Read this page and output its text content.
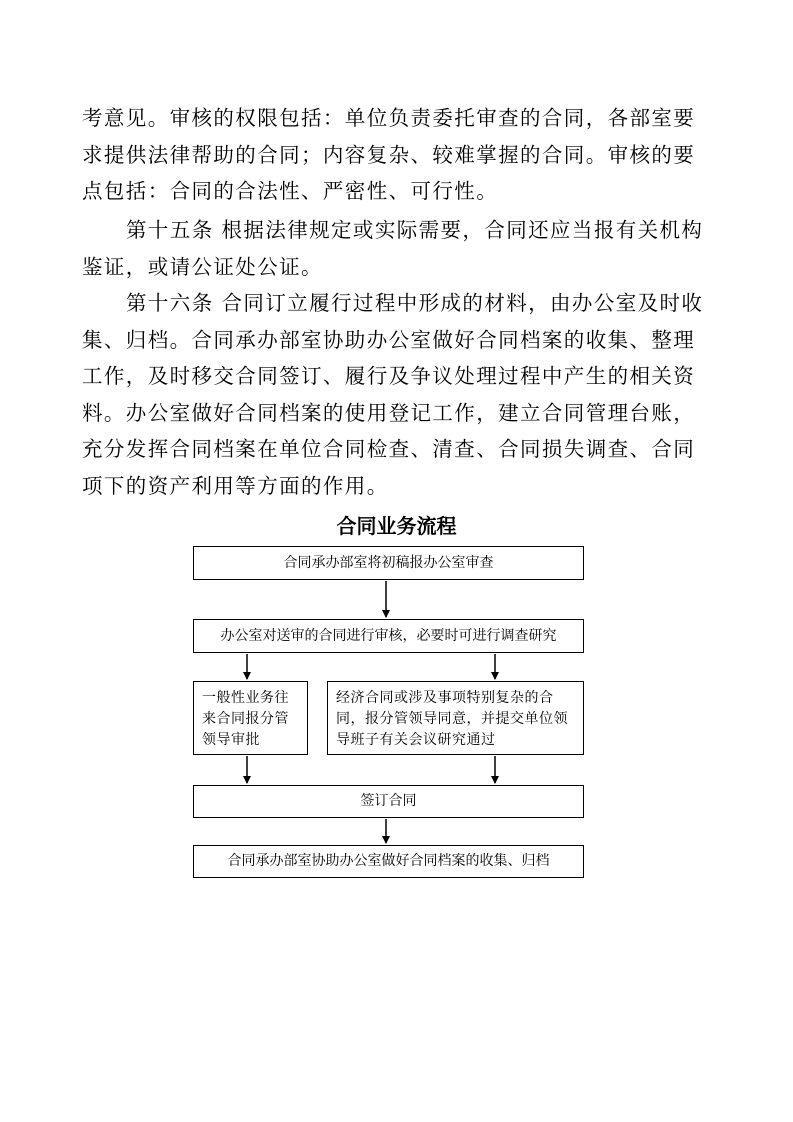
考意见。审核的权限包括：单位负责委托审查的合同，各部室要求提供法律帮助的合同；内容复杂、较难掌握的合同。审核的要点包括：合同的合法性、严密性、可行性。

第十五条 根据法律规定或实际需要，合同还应当报有关机构鉴证，或请公证处公证。

第十六条 合同订立履行过程中形成的材料，由办公室及时收集、归档。合同承办部室协助办公室做好合同档案的收集、整理工作，及时移交合同签订、履行及争议处理过程中产生的相关资料。办公室做好合同档案的使用登记工作，建立合同管理台账，充分发挥合同档案在单位合同检查、清查、合同损失调查、合同项下的资产利用等方面的作用。

合同业务流程
合同承办部室将初稿报办公室审查
办公室对送审的合同进行审核，必要时可进行调查研究
一般性业务往来合同报分管领导审批
经济合同或涉及事项特别复杂的合同，报分管领导同意，并提交单位领导班子有关会议研究通过
签订合同
合同承办部室协助办公室做好合同档案的收集、归档
